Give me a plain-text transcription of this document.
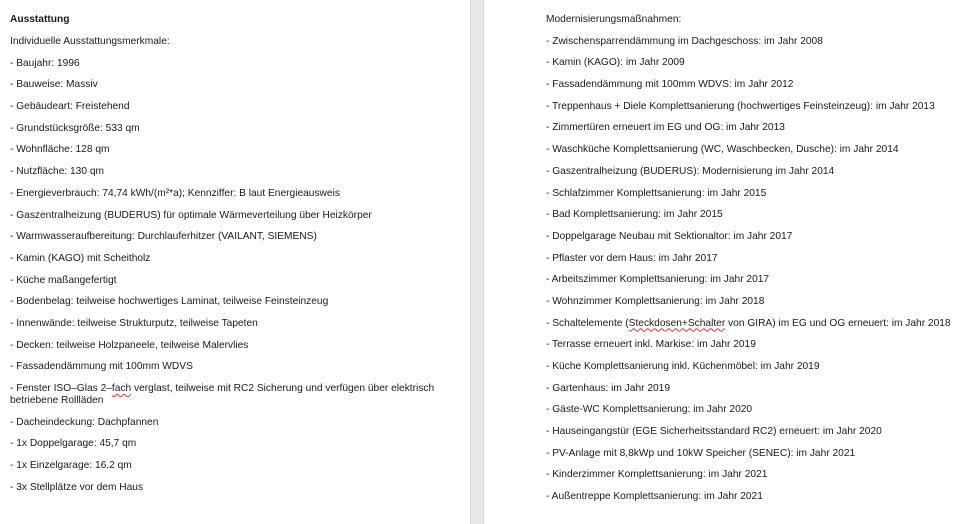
Ausstattung

Individuelle Ausstattungsmerkmale:

- Baujahr: 1996

- Bauweise: Massiv

- Gebäudeart: Freistehend

- Grundstücksgröße: 533 qm

- Wohnfläche: 128 qm

- Nutzfläche: 130 qm

- Energieverbrauch: 74,74 kWh/(m²*a); Kennziffer: B laut Energieausweis

- Gaszentralheizung (BUDERUS) für optimale Wärmeverteilung über Heizkörper

- Warmwasseraufbereitung: Durchlauferhitzer (VAILANT, SIEMENS)

- Kamin (KAGO) mit Scheitholz

- Küche maßangefertigt

- Bodenbelag: teilweise hochwertiges Laminat, teilweise Feinsteinzeug

- Innenwände: teilweise Strukturputz, teilweise Tapeten

- Decken: teilweise Holzpaneele, teilweise Malervlies

- Fassadendämmung mit 100mm WDVS

- Fenster ISO–Glas 2–fach verglast, teilweise mit RC2 Sicherung und verfügen über elektrisch betriebene Rollläden

- Dacheindeckung: Dachpfannen

- 1x Doppelgarage: 45,7 qm

- 1x Einzelgarage: 16,2 qm

- 3x Stellplätze vor dem Haus

Modernisierungsmaßnahmen:

- Zwischensparrendämmung im Dachgeschoss: im Jahr 2008

- Kamin (KAGO): im Jahr 2009

- Fassadendämmung mit 100mm WDVS: im Jahr 2012

- Treppenhaus + Diele Komplettsanierung (hochwertiges Feinsteinzeug): im Jahr 2013

- Zimmertüren erneuert im EG und OG: im Jahr 2013

- Waschküche Komplettsanierung (WC, Waschbecken, Dusche): im Jahr 2014

- Gaszentralheizung (BUDERUS): Modernisierung im Jahr 2014

- Schlafzimmer Komplettsanierung: im Jahr 2015

- Bad Komplettsanierung: im Jahr 2015

- Doppelgarage Neubau mit Sektionaltor: im Jahr 2017

- Pflaster vor dem Haus: im Jahr 2017

- Arbeitszimmer Komplettsanierung: im Jahr 2017

- Wohnzimmer Komplettsanierung: im Jahr 2018

- Schaltelemente (Steckdosen+Schalter von GIRA) im EG und OG erneuert: im Jahr 2018

- Terrasse erneuert inkl. Markise: im Jahr 2019

- Küche Komplettsanierung inkl. Küchenmöbel: im Jahr 2019

- Gartenhaus: im Jahr 2019

- Gäste-WC Komplettsanierung: im Jahr 2020

- Hauseingangstür (EGE Sicherheitsstandard RC2) erneuert: im Jahr 2020

- PV-Anlage mit 8,8kWp und 10kW Speicher (SENEC): im Jahr 2021

- Kinderzimmer Komplettsanierung: im Jahr 2021

- Außentreppe Komplettsanierung: im Jahr 2021
